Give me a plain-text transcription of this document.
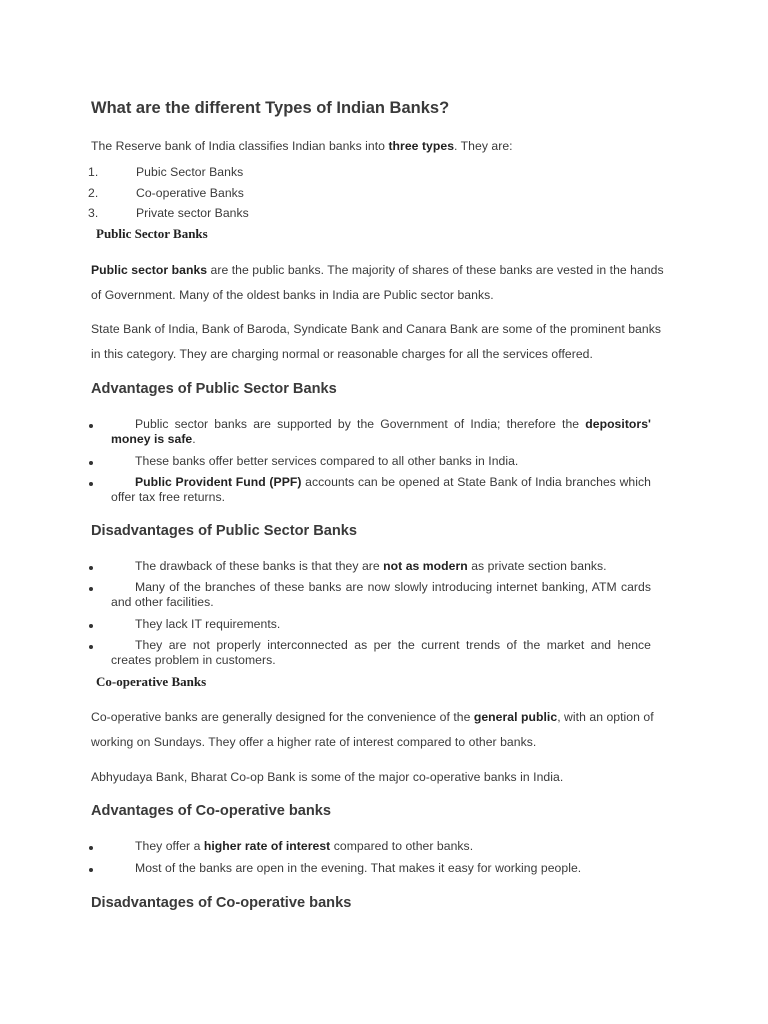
What are the different Types of Indian Banks?

The Reserve bank of India classifies Indian banks into three types. They are:

1.	Pubic Sector Banks
2.	Co-operative Banks
3.	Private sector Banks
Public Sector Banks

Public sector banks are the public banks. The majority of shares of these banks are vested in the hands

of Government. Many of the oldest banks in India are Public sector banks.

State Bank of India, Bank of Baroda, Syndicate Bank and Canara Bank are some of the prominent banks

in this category. They are charging normal or reasonable charges for all the services offered.

Advantages of Public Sector Banks

Public sector banks are supported by the Government of India; therefore the depositors' money is safe.

These banks offer better services compared to all other banks in India.

Public Provident Fund (PPF) accounts can be opened at State Bank of India branches which offer tax free returns.

Disadvantages of Public Sector Banks

The drawback of these banks is that they are not as modern as private section banks.

Many of the branches of these banks are now slowly introducing internet banking, ATM cards and other facilities.

They lack IT requirements.

They are not properly interconnected as per the current trends of the market and hence creates problem in customers.

Co-operative Banks

Co-operative banks are generally designed for the convenience of the general public, with an option of

working on Sundays. They offer a higher rate of interest compared to other banks.

Abhyudaya Bank, Bharat Co-op Bank is some of the major co-operative banks in India.

Advantages of Co-operative banks

They offer a higher rate of interest compared to other banks.

Most of the banks are open in the evening. That makes it easy for working people.

Disadvantages of Co-operative banks
